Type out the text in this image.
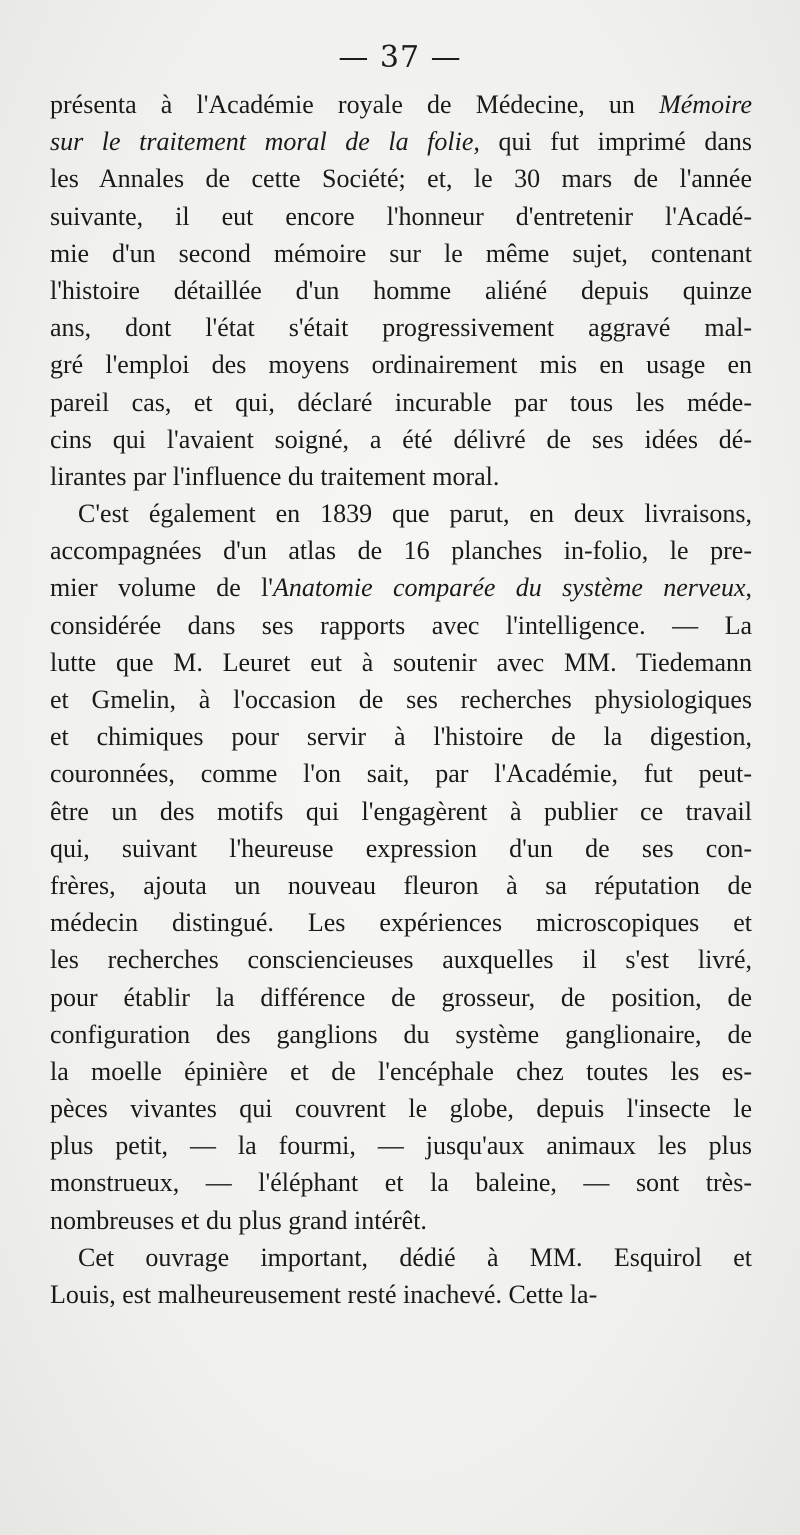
— 37 —
présenta à l'Académie royale de Médecine, un Mémoire
sur le traitement moral de la folie, qui fut imprimé dans
les Annales de cette Société; et, le 30 mars de l'année
suivante, il eut encore l'honneur d'entretenir l'Acadé-
mie d'un second mémoire sur le même sujet, contenant
l'histoire détaillée d'un homme aliéné depuis quinze
ans, dont l'état s'était progressivement aggravé mal-
gré l'emploi des moyens ordinairement mis en usage en
pareil cas, et qui, déclaré incurable par tous les méde-
cins qui l'avaient soigné, a été délivré de ses idées dé-
lirantes par l'influence du traitement moral.
C'est également en 1839 que parut, en deux livraisons,
accompagnées d'un atlas de 16 planches in-folio, le pre-
mier volume de l'Anatomie comparée du système nerveux,
considérée dans ses rapports avec l'intelligence. — La
lutte que M. Leuret eut à soutenir avec MM. Tiedemann
et Gmelin, à l'occasion de ses recherches physiologiques
et chimiques pour servir à l'histoire de la digestion,
couronnées, comme l'on sait, par l'Académie, fut peut-
être un des motifs qui l'engagèrent à publier ce travail
qui, suivant l'heureuse expression d'un de ses con-
frères, ajouta un nouveau fleuron à sa réputation de
médecin distingué. Les expériences microscopiques et
les recherches consciencieuses auxquelles il s'est livré,
pour établir la différence de grosseur, de position, de
configuration des ganglions du système ganglionaire, de
la moelle épinière et de l'encéphale chez toutes les es-
pèces vivantes qui couvrent le globe, depuis l'insecte le
plus petit, — la fourmi, — jusqu'aux animaux les plus
monstrueux, — l'éléphant et la baleine, — sont très-
nombreuses et du plus grand intérêt.
Cet ouvrage important, dédié à MM. Esquirol et
Louis, est malheureusement resté inachevé. Cette la-
